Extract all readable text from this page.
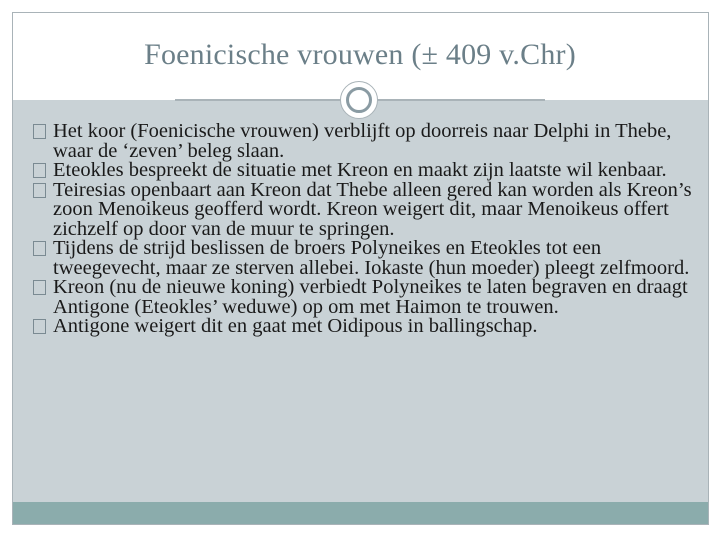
Foenicische vrouwen (± 409 v.Chr)
Het koor (Foenicische vrouwen) verblijft op doorreis naar Delphi in Thebe, waar de ‘zeven’ beleg slaan.
Eteokles bespreekt de situatie met Kreon en maakt zijn laatste wil kenbaar.
Teiresias openbaart aan Kreon dat Thebe alleen gered kan worden als Kreon’s zoon Menoikeus geofferd wordt. Kreon weigert dit, maar Menoikeus offert zichzelf op door van de muur te springen.
Tijdens de strijd beslissen de broers Polyneikes en Eteokles tot een tweegevecht, maar ze sterven allebei. Iokaste (hun moeder) pleegt zelfmoord.
Kreon (nu de nieuwe koning) verbiedt Polyneikes te laten begraven en draagt Antigone (Eteokles’ weduwe) op om met Haimon te trouwen.
Antigone weigert dit en gaat met Oidipous in ballingschap.
